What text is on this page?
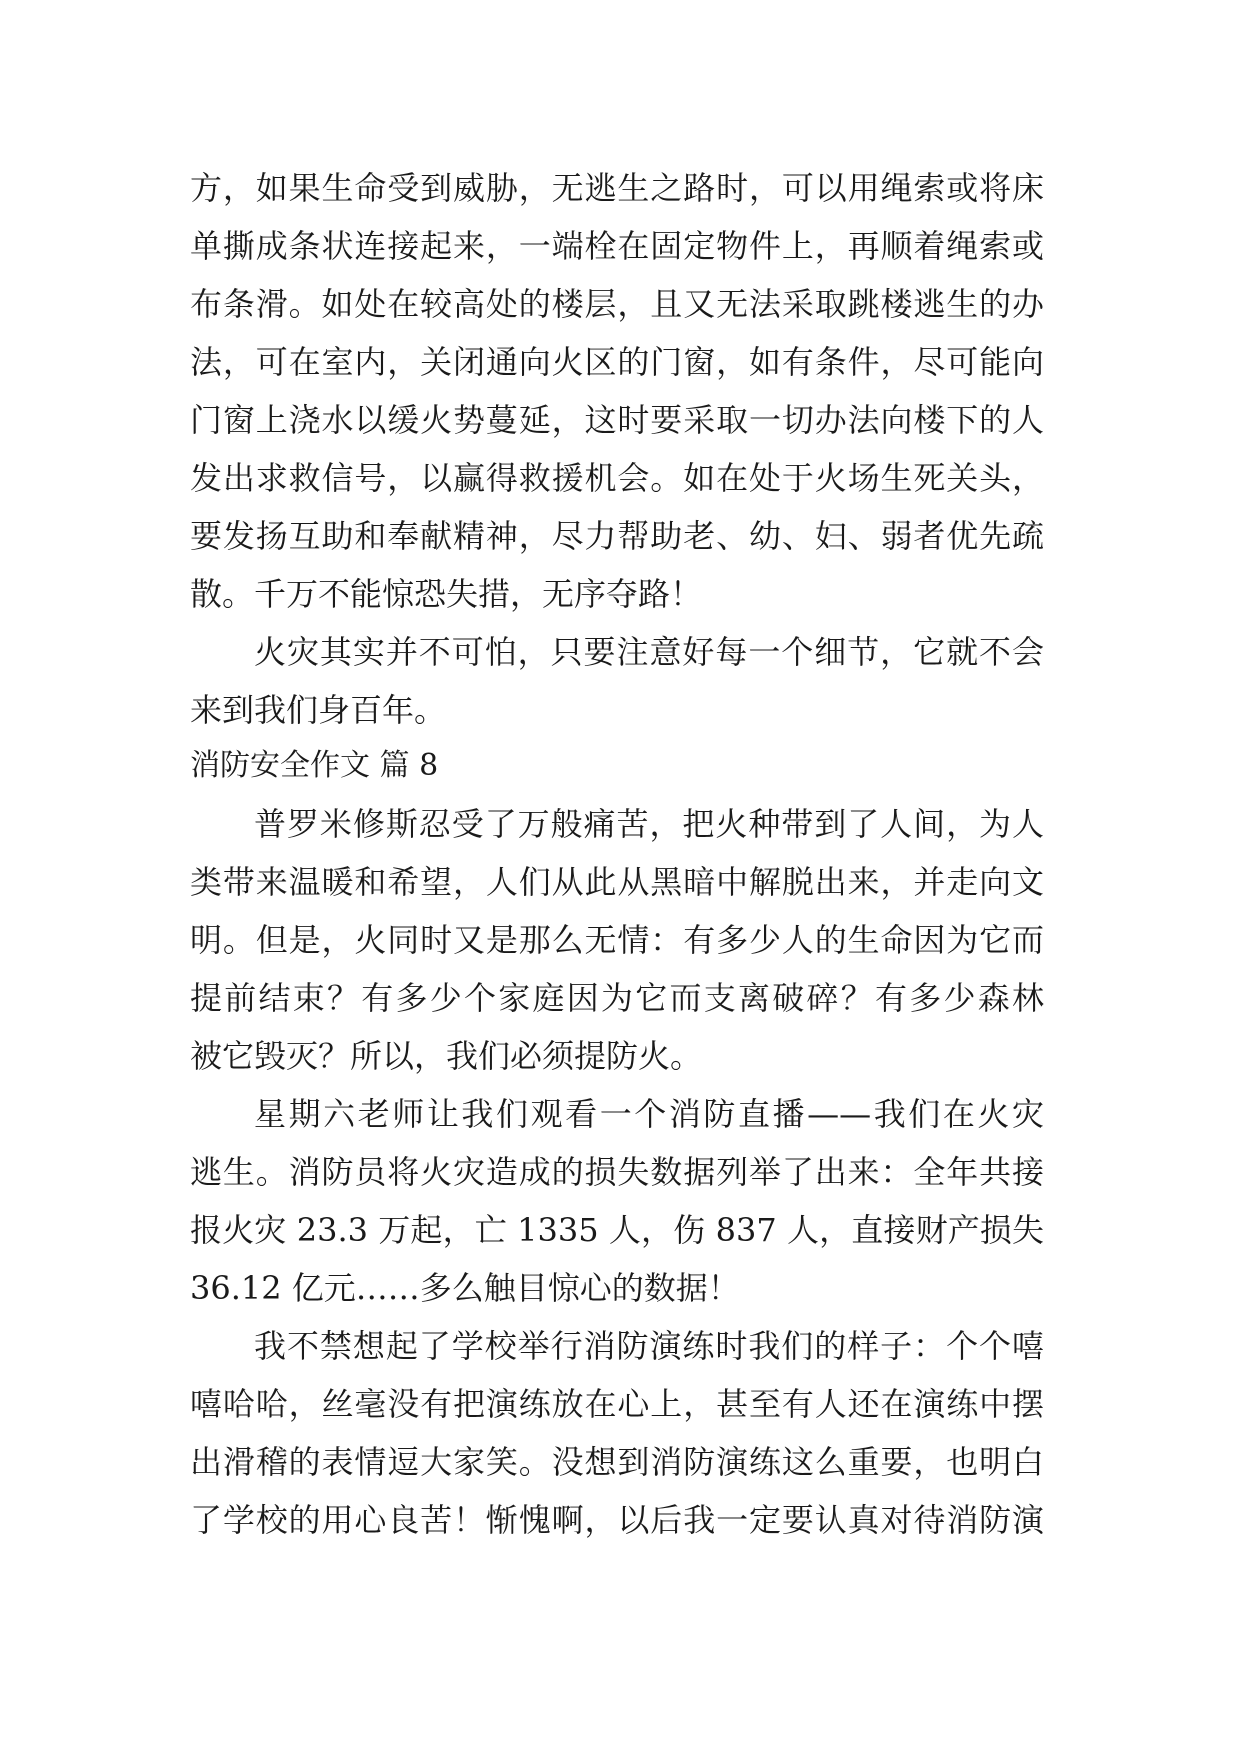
方，如果生命受到威胁，无逃生之路时，可以用绳索或将床
单撕成条状连接起来，一端栓在固定物件上，再顺着绳索或
布条滑。如处在较高处的楼层，且又无法采取跳楼逃生的办
法，可在室内，关闭通向火区的门窗，如有条件，尽可能向
门窗上浇水以缓火势蔓延，这时要采取一切办法向楼下的人
发出求救信号，以赢得救援机会。如在处于火场生死关头，
要发扬互助和奉献精神，尽力帮助老、幼、妇、弱者优先疏
散。千万不能惊恐失措，无序夺路！
火灾其实并不可怕，只要注意好每一个细节，它就不会
来到我们身百年。
消防安全作文 篇 8
普罗米修斯忍受了万般痛苦，把火种带到了人间，为人
类带来温暖和希望，人们从此从黑暗中解脱出来，并走向文
明。但是，火同时又是那么无情：有多少人的生命因为它而
提前结束？有多少个家庭因为它而支离破碎？有多少森林
被它毁灭？所以，我们必须提防火。
星期六老师让我们观看一个消防直播——我们在火灾
逃生。消防员将火灾造成的损失数据列举了出来：全年共接
报火灾 23.3 万起，亡 1335 人，伤 837 人，直接财产损失
36.12 亿元……多么触目惊心的数据！
我不禁想起了学校举行消防演练时我们的样子：个个嘻
嘻哈哈，丝毫没有把演练放在心上，甚至有人还在演练中摆
出滑稽的表情逗大家笑。没想到消防演练这么重要，也明白
了学校的用心良苦！惭愧啊，以后我一定要认真对待消防演
